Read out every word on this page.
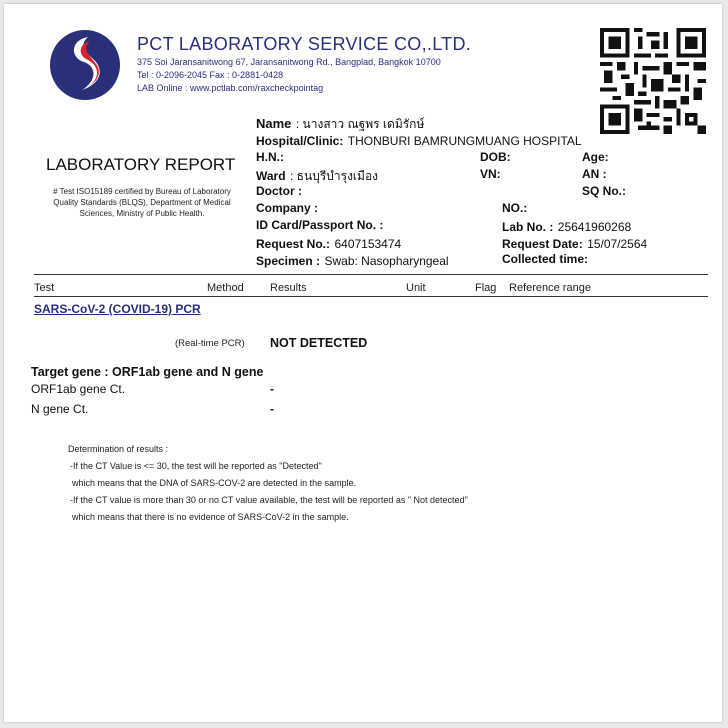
PCT LABORATORY SERVICE CO,.LTD.
375 Soi Jaransanitwong 67, Jaransanitwong Rd., Bangplad, Bangkok 10700
Tel : 0-2096-2045 Fax : 0-2881-0428
LAB Online : www.pctlab.com/raxcheckpointag
LABORATORY REPORT
# Test ISO15189 certified by Bureau of Laboratory Quality Standards (BLQS), Department of Medical Sciences, Ministry of Public Health.
Name : นางสาว ณฐพร เดมิรักษ์
Hospital/Clinic: THONBURI BAMRUNGMUANG HOSPITAL
H.N.:	DOB:	Age:
Ward : ธนบุรีบำรุงเมือง	VN:	AN :
Doctor :	SQ No.:
Company :	NO.:
ID Card/Passport No. :	Lab No. : 25641960268
Request No.: 6407153474	Request Date: 15/07/2564
Specimen : Swab: Nasopharyngeal	Collected time:
Test	Method Results	Unit	Flag Reference range
SARS-CoV-2 (COVID-19) PCR
(Real-time PCR) NOT DETECTED
Target gene : ORF1ab gene and N gene
ORF1ab gene Ct.	-
N gene Ct.	-
Determination of results :
-If the CT Value is <= 30, the test will be reported as "Detected"
which means that the DNA of SARS-COV-2 are detected in the sample.
-If the CT value is more than 30 or no CT value available, the test will be reported as " Not detected"
which means that there is no evidence of SARS-CoV-2 in the sample.
